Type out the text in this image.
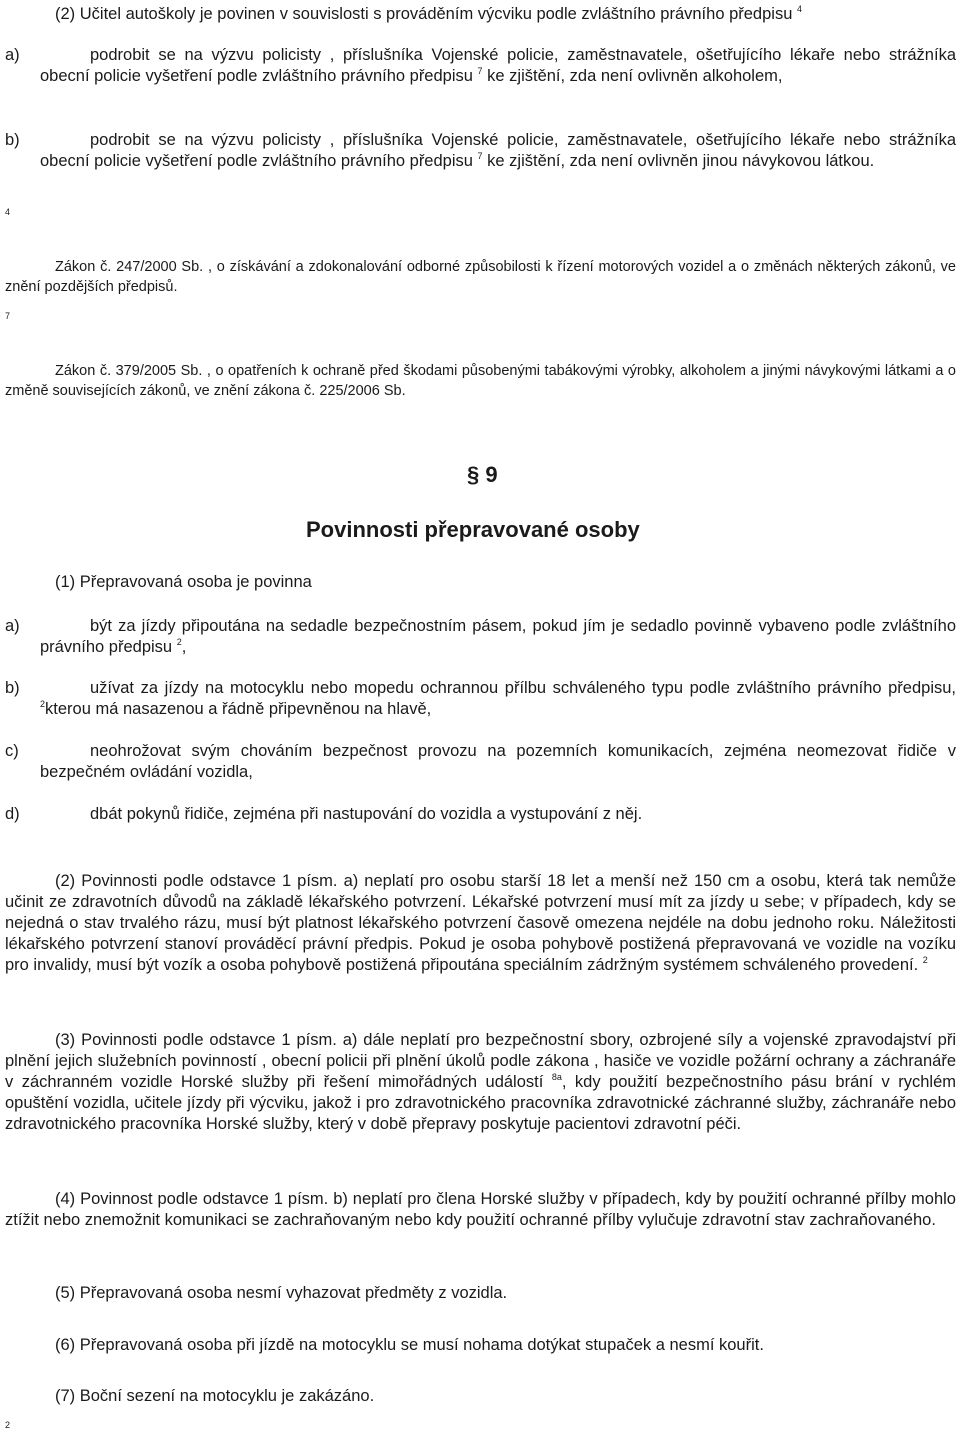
(2) Učitel autoškoly je povinen v souvislosti s prováděním výcviku podle zvláštního právního předpisu $^4$

a)	podrobit se na výzvu policisty , příslušníka Vojenské policie, zaměstnavatele, ošetřujícího lékaře nebo strážníka obecní policie vyšetření podle zvláštního právního předpisu $^7$ ke zjištění, zda není ovlivněn alkoholem,
b)	podrobit se na výzvu policisty , příslušníka Vojenské policie, zaměstnavatele, ošetřujícího lékaře nebo strážníka obecní policie vyšetření podle zvláštního právního předpisu $^7$ ke zjištění, zda není ovlivněn jinou návykovou látkou.
4

Zákon č. 247/2000 Sb. , o získávání a zdokonalování odborné způsobilosti k řízení motorových vozidel a o změnách některých zákonů, ve znění pozdějších předpisů.

7

Zákon č. 379/2005 Sb. , o opatřeních k ochraně před škodami působenými tabákovými výrobky, alkoholem a jinými návykovými látkami a o změně souvisejících zákonů, ve znění zákona č. 225/2006 Sb.

§ 9
Povinnosti přepravované osoby

(1) Přepravovaná osoba je povinna

a)	být za jízdy připoutána na sedadle bezpečnostním pásem, pokud jím je sedadlo povinně vybaveno podle zvláštního právního předpisu $^2$,
b)	užívat za jízdy na motocyklu nebo mopedu ochrannou přílbu schváleného typu podle zvláštního právního předpisu, $^2$kterou má nasazenou a řádně připevněnou na hlavě,
c)	neohrožovat svým chováním bezpečnost provozu na pozemních komunikacích, zejména neomezovat řidiče v bezpečném ovládání vozidla,
d)	dbát pokynů řidiče, zejména při nastupování do vozidla a vystupování z něj.

(2) Povinnosti podle odstavce 1 písm. a) neplatí pro osobu starší 18 let a menší než 150 cm a osobu, která tak nemůže učinit ze zdravotních důvodů na základě lékařského potvrzení. Lékařské potvrzení musí mít za jízdy u sebe; v případech, kdy se nejedná o stav trvalého rázu, musí být platnost lékařského potvrzení časově omezena nejdéle na dobu jednoho roku. Náležitosti lékařského potvrzení stanoví prováděcí právní předpis. Pokud je osoba pohybově postižená přepravovaná ve vozidle na vozíku pro invalidy, musí být vozík a osoba pohybově postižená připoutána speciálním zádržným systémem schváleného provedení. $^2$

(3) Povinnosti podle odstavce 1 písm. a) dále neplatí pro bezpečnostní sbory, ozbrojené síly a vojenské zpravodajství při plnění jejich služebních povinností , obecní policii při plnění úkolů podle zákona , hasiče ve vozidle požární ochrany a záchranáře v záchranném vozidle Horské služby při řešení mimořádných událostí $^{8a}$, kdy použití bezpečnostního pásu brání v rychlém opuštění vozidla, učitele jízdy při výcviku, jakož i pro zdravotnického pracovníka zdravotnické záchranné služby, záchranáře nebo zdravotnického pracovníka Horské služby, který v době přepravy poskytuje pacientovi zdravotní péči.

(4) Povinnost podle odstavce 1 písm. b) neplatí pro člena Horské služby v případech, kdy by použití ochranné přílby mohlo ztížit nebo znemožnit komunikaci se zachraňovaným nebo kdy použití ochranné přílby vylučuje zdravotní stav zachraňovaného.

(5) Přepravovaná osoba nesmí vyhazovat předměty z vozidla.

(6) Přepravovaná osoba při jízdě na motocyklu se musí nohama dotýkat stupaček a nesmí kouřit.

(7) Boční sezení na motocyklu je zakázáno.

2
